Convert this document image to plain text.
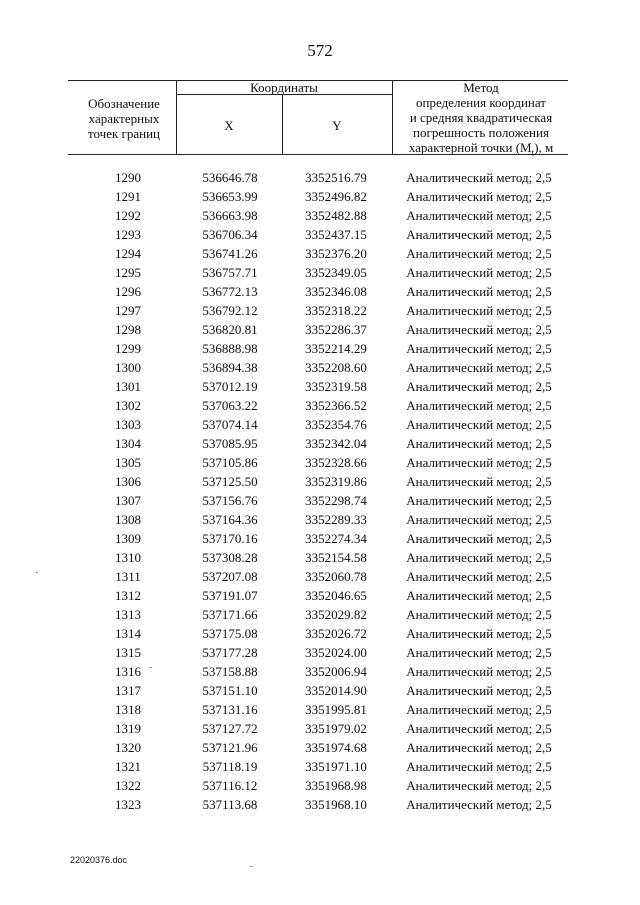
572
Обозначение характерных точек границ
Координаты
X	Y
Метод
определения координат
и средняя квадратическая
погрешность положения
характерной точки $(M_t)$, м
1290	536646.78	3352516.79	Аналитический метод; 2,5
1291	536653.99	3352496.82	Аналитический метод; 2,5
1292	536663.98	3352482.88	Аналитический метод; 2,5
1293	536706.34	3352437.15	Аналитический метод; 2,5
1294	536741.26	3352376.20	Аналитический метод; 2,5
1295	536757.71	3352349.05	Аналитический метод; 2,5
1296	536772.13	3352346.08	Аналитический метод; 2,5
1297	536792.12	3352318.22	Аналитический метод; 2,5
1298	536820.81	3352286.37	Аналитический метод; 2,5
1299	536888.98	3352214.29	Аналитический метод; 2,5
1300	536894.38	3352208.60	Аналитический метод; 2,5
1301	537012.19	3352319.58	Аналитический метод; 2,5
1302	537063.22	3352366.52	Аналитический метод; 2,5
1303	537074.14	3352354.76	Аналитический метод; 2,5
1304	537085.95	3352342.04	Аналитический метод; 2,5
1305	537105.86	3352328.66	Аналитический метод; 2,5
1306	537125.50	3352319.86	Аналитический метод; 2,5
1307	537156.76	3352298.74	Аналитический метод; 2,5
1308	537164.36	3352289.33	Аналитический метод; 2,5
1309	537170.16	3352274.34	Аналитический метод; 2,5
1310	537308.28	3352154.58	Аналитический метод; 2,5
1311	537207.08	3352060.78	Аналитический метод; 2,5
1312	537191.07	3352046.65	Аналитический метод; 2,5
1313	537171.66	3352029.82	Аналитический метод; 2,5
1314	537175.08	3352026.72	Аналитический метод; 2,5
1315	537177.28	3352024.00	Аналитический метод; 2,5
1316	537158.88	3352006.94	Аналитический метод; 2,5
1317	537151.10	3352014.90	Аналитический метод; 2,5
1318	537131.16	3351995.81	Аналитический метод; 2,5
1319	537127.72	3351979.02	Аналитический метод; 2,5
1320	537121.96	3351974.68	Аналитический метод; 2,5
1321	537118.19	3351971.10	Аналитический метод; 2,5
1322	537116.12	3351968.98	Аналитический метод; 2,5
1323	537113.68	3351968.10	Аналитический метод; 2,5
22020376.doc
